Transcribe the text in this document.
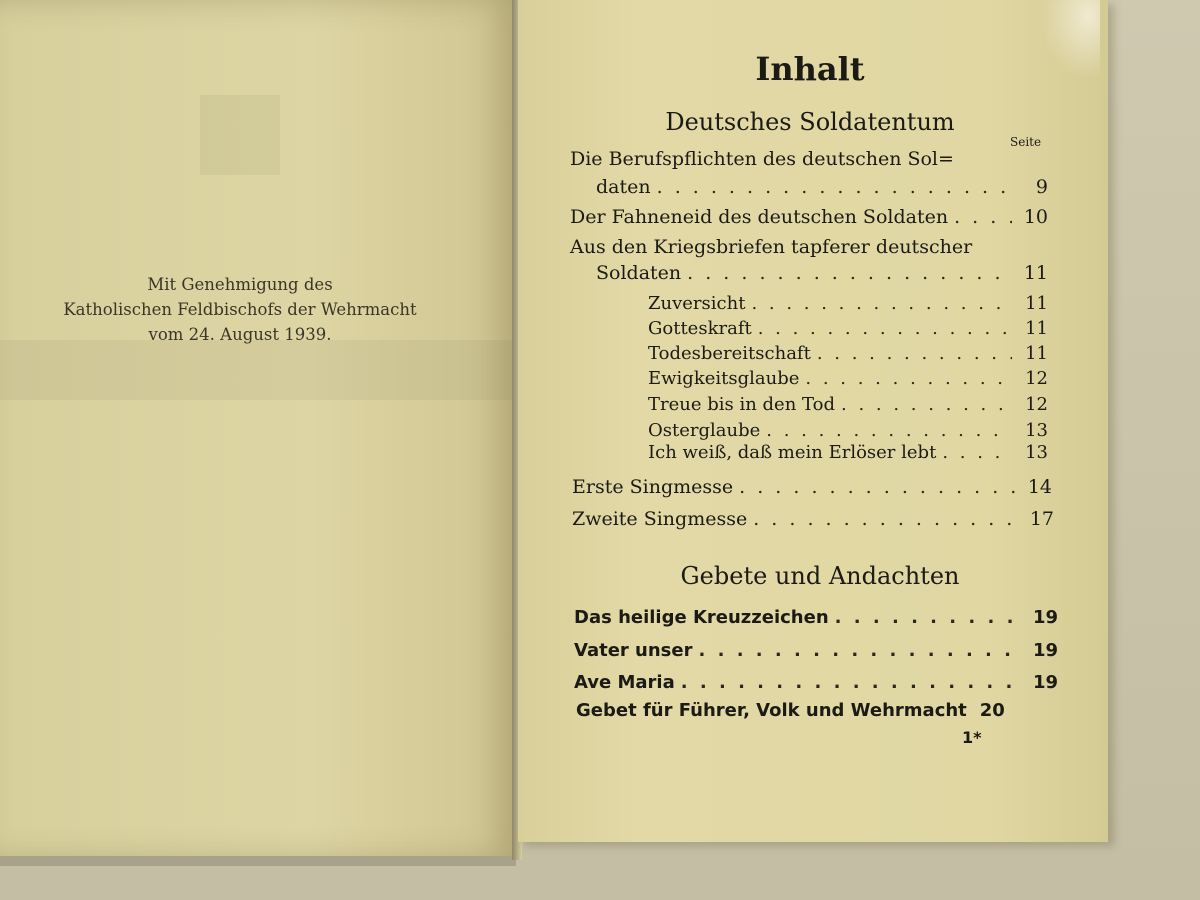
Mit Genehmigung des
Katholischen Feldbischofs der Wehrmacht
vom 24. August 1939.
Inhalt
Deutsches Soldatentum
Seite
Die Berufspflichten des deutschen Sol=
daten . . .	9
Der Fahneneid des deutschen Soldaten . . .	10
Aus den Kriegsbriefen tapferer deutscher
Soldaten . . .	11
Zuversicht . . .	11
Gotteskraft . . .	11
Todesbereitschaft . . .	11
Ewigkeitsglaube . . .	12
Treue bis in den Tod . . .	12
Osterglaube . . .	13
Ich weiß, daß mein Erlöser lebt . . .	13
Erste Singmesse . . .	14
Zweite Singmesse . . .	17
Gebete und Andachten
Das heilige Kreuzzeichen . . .	19
Vater unser . . .	19
Ave Maria . . .	19
Gebet für Führer, Volk und Wehrmacht 20
1*
